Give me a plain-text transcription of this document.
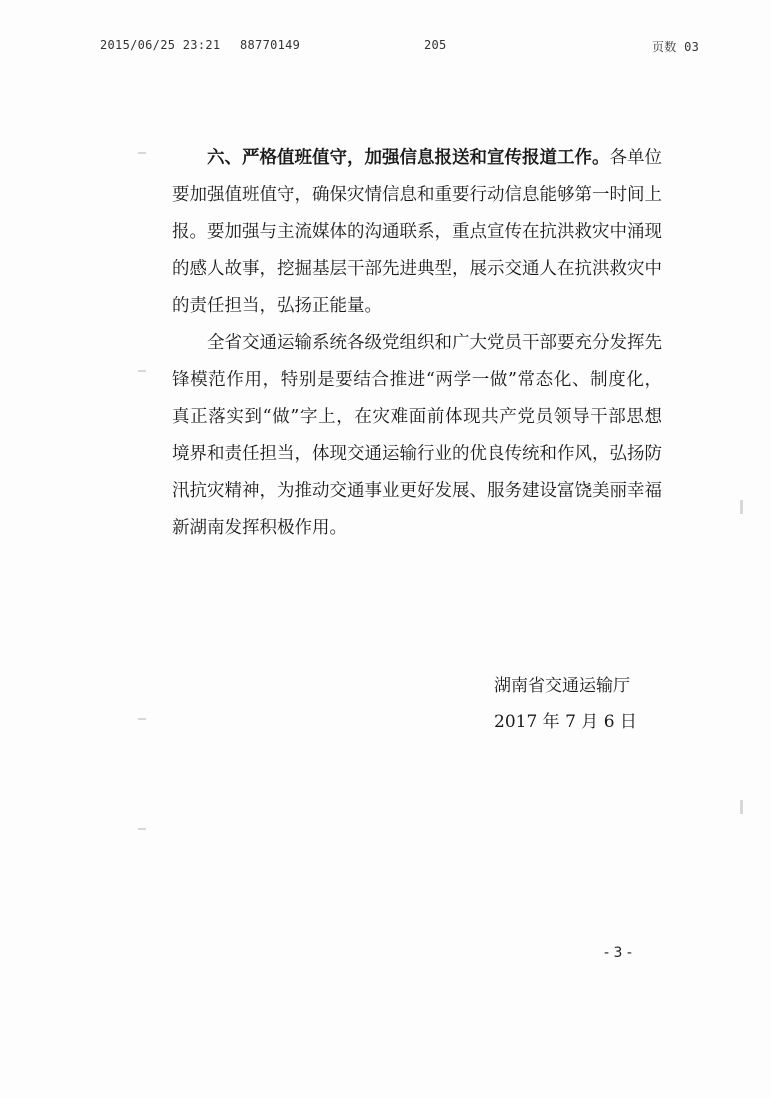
2015/06/25 23:21 88770149	205	页数 03

六、严格值班值守，加强信息报送和宣传报道工作。各单位要加强值班值守，确保灾情信息和重要行动信息能够第一时间上报。要加强与主流媒体的沟通联系，重点宣传在抗洪救灾中涌现的感人故事，挖掘基层干部先进典型，展示交通人在抗洪救灾中的责任担当，弘扬正能量。

全省交通运输系统各级党组织和广大党员干部要充分发挥先锋模范作用，特别是要结合推进“两学一做”常态化、制度化，真正落实到“做”字上，在灾难面前体现共产党员领导干部思想境界和责任担当，体现交通运输行业的优良传统和作风，弘扬防汛抗灾精神，为推动交通事业更好发展、服务建设富饶美丽幸福新湖南发挥积极作用。

湖南省交通运输厅
2017 年 7 月 6 日
- 3 -
